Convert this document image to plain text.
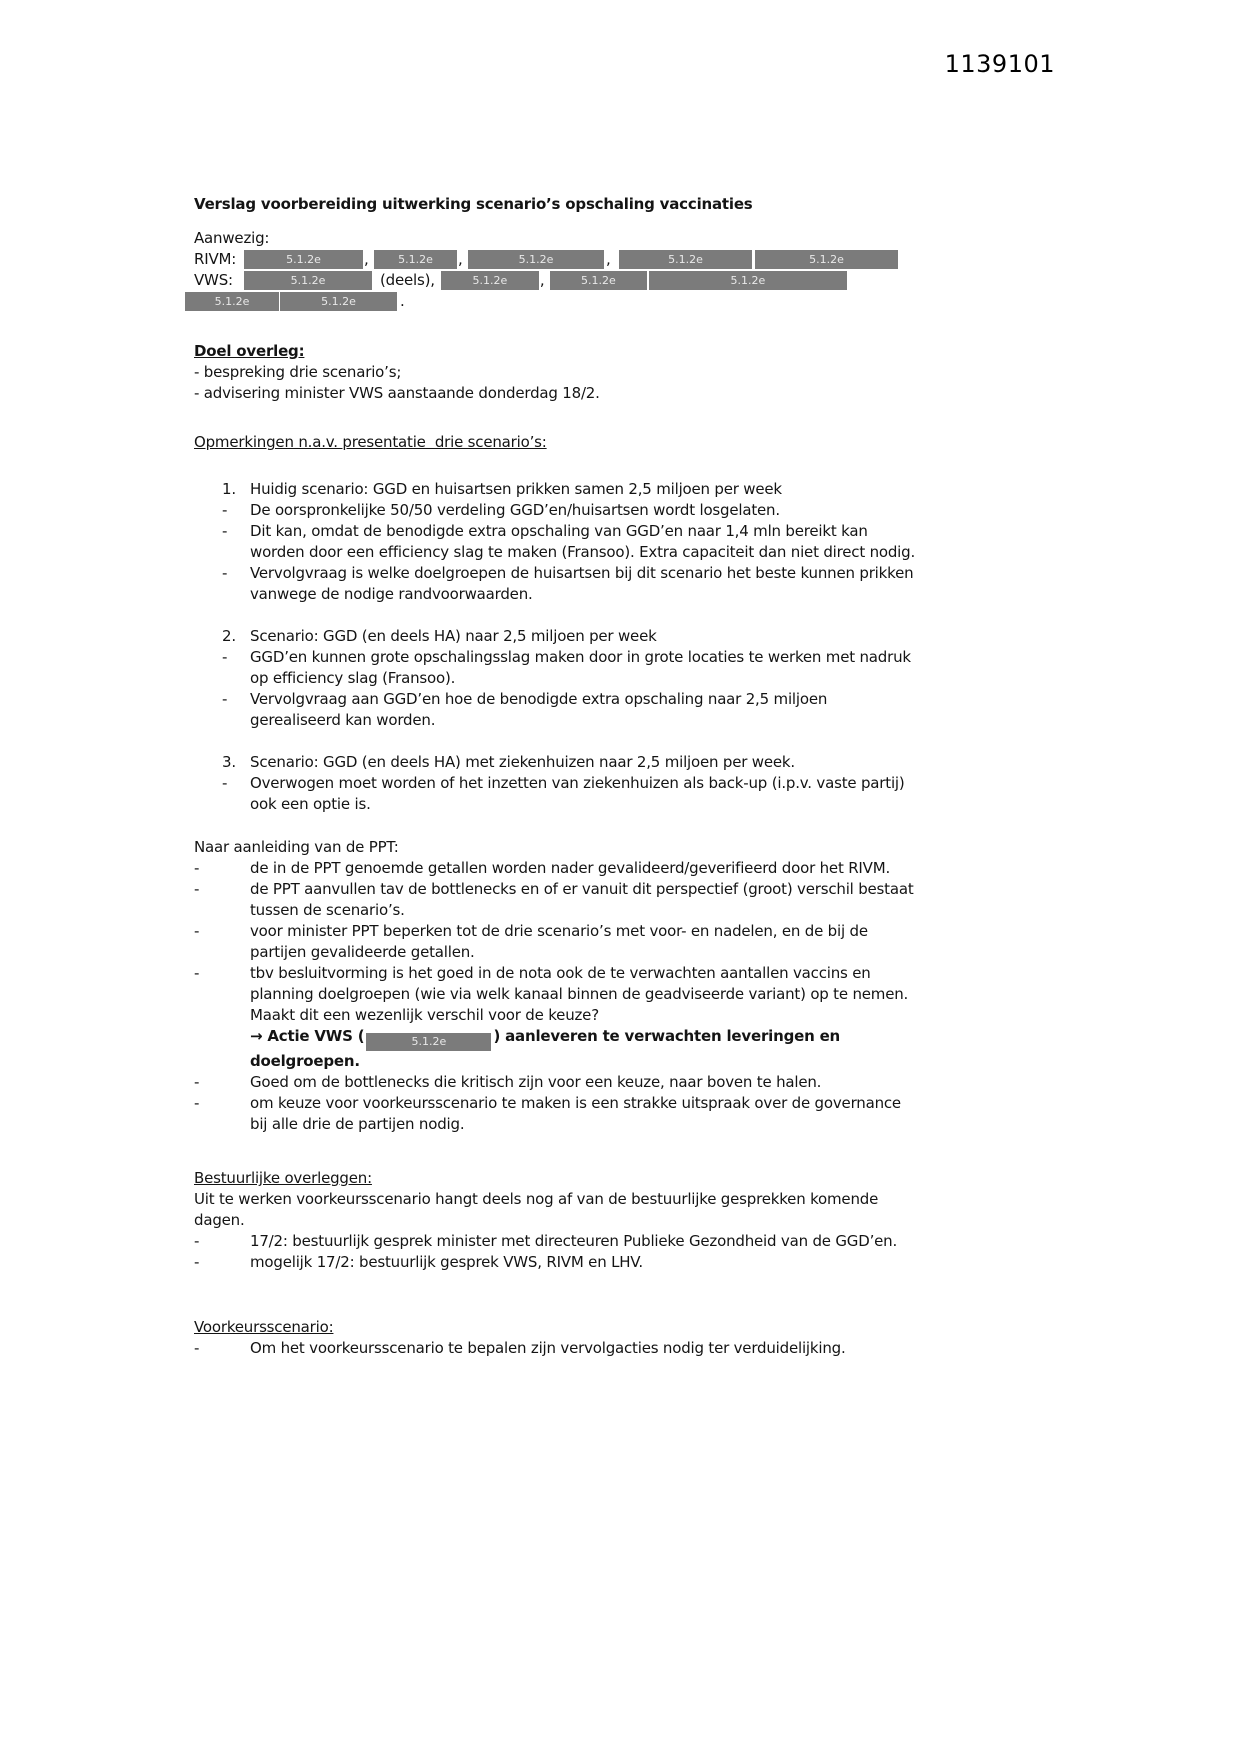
1139101
Verslag voorbereiding uitwerking scenario’s opschaling vaccinaties
Aanwezig:
RIVM:	5.1.2e	,	5.1.2e	,	5.1.2e	,	5.1.2e	5.1.2e
VWS:	5.1.2e	(deels),	5.1.2e	,	5.1.2e	5.1.2e
5.1.2e	5.1.2e	.
Doel overleg:
- bespreking drie scenario’s;
- advisering minister VWS aanstaande donderdag 18/2.
Opmerkingen n.a.v. presentatie  drie scenario’s:
1. Huidig scenario: GGD en huisartsen prikken samen 2,5 miljoen per week
-	De oorspronkelijke 50/50 verdeling GGD’en/huisartsen wordt losgelaten.
-	Dit kan, omdat de benodigde extra opschaling van GGD’en naar 1,4 mln bereikt kan worden door een efficiency slag te maken (Fransoo). Extra capaciteit dan niet direct nodig.
-	Vervolgvraag is welke doelgroepen de huisartsen bij dit scenario het beste kunnen prikken vanwege de nodige randvoorwaarden.
2. Scenario: GGD (en deels HA) naar 2,5 miljoen per week
-	GGD’en kunnen grote opschalingsslag maken door in grote locaties te werken met nadruk op efficiency slag (Fransoo).
-	Vervolgvraag aan GGD’en hoe de benodigde extra opschaling naar 2,5 miljoen gerealiseerd kan worden.
3. Scenario: GGD (en deels HA) met ziekenhuizen naar 2,5 miljoen per week.
-	Overwogen moet worden of het inzetten van ziekenhuizen als back-up (i.p.v. vaste partij) ook een optie is.
Naar aanleiding van de PPT:
-	de in de PPT genoemde getallen worden nader gevalideerd/geverifieerd door het RIVM.
-	de PPT aanvullen tav de bottlenecks en of er vanuit dit perspectief (groot) verschil bestaat tussen de scenario’s.
-	voor minister PPT beperken tot de drie scenario’s met voor- en nadelen, en de bij de partijen gevalideerde getallen.
-	tbv besluitvorming is het goed in de nota ook de te verwachten aantallen vaccins en planning doelgroepen (wie via welk kanaal binnen de geadviseerde variant) op te nemen. Maakt dit een wezenlijk verschil voor de keuze?
→ Actie VWS (	5.1.2e	) aanleveren te verwachten leveringen en doelgroepen.
-	Goed om de bottlenecks die kritisch zijn voor een keuze, naar boven te halen.
-	om keuze voor voorkeursscenario te maken is een strakke uitspraak over de governance bij alle drie de partijen nodig.
Bestuurlijke overleggen:
Uit te werken voorkeursscenario hangt deels nog af van de bestuurlijke gesprekken komende dagen.
-	17/2: bestuurlijk gesprek minister met directeuren Publieke Gezondheid van de GGD’en.
-	mogelijk 17/2: bestuurlijk gesprek VWS, RIVM en LHV.
Voorkeursscenario:
-	Om het voorkeursscenario te bepalen zijn vervolgacties nodig ter verduidelijking.
